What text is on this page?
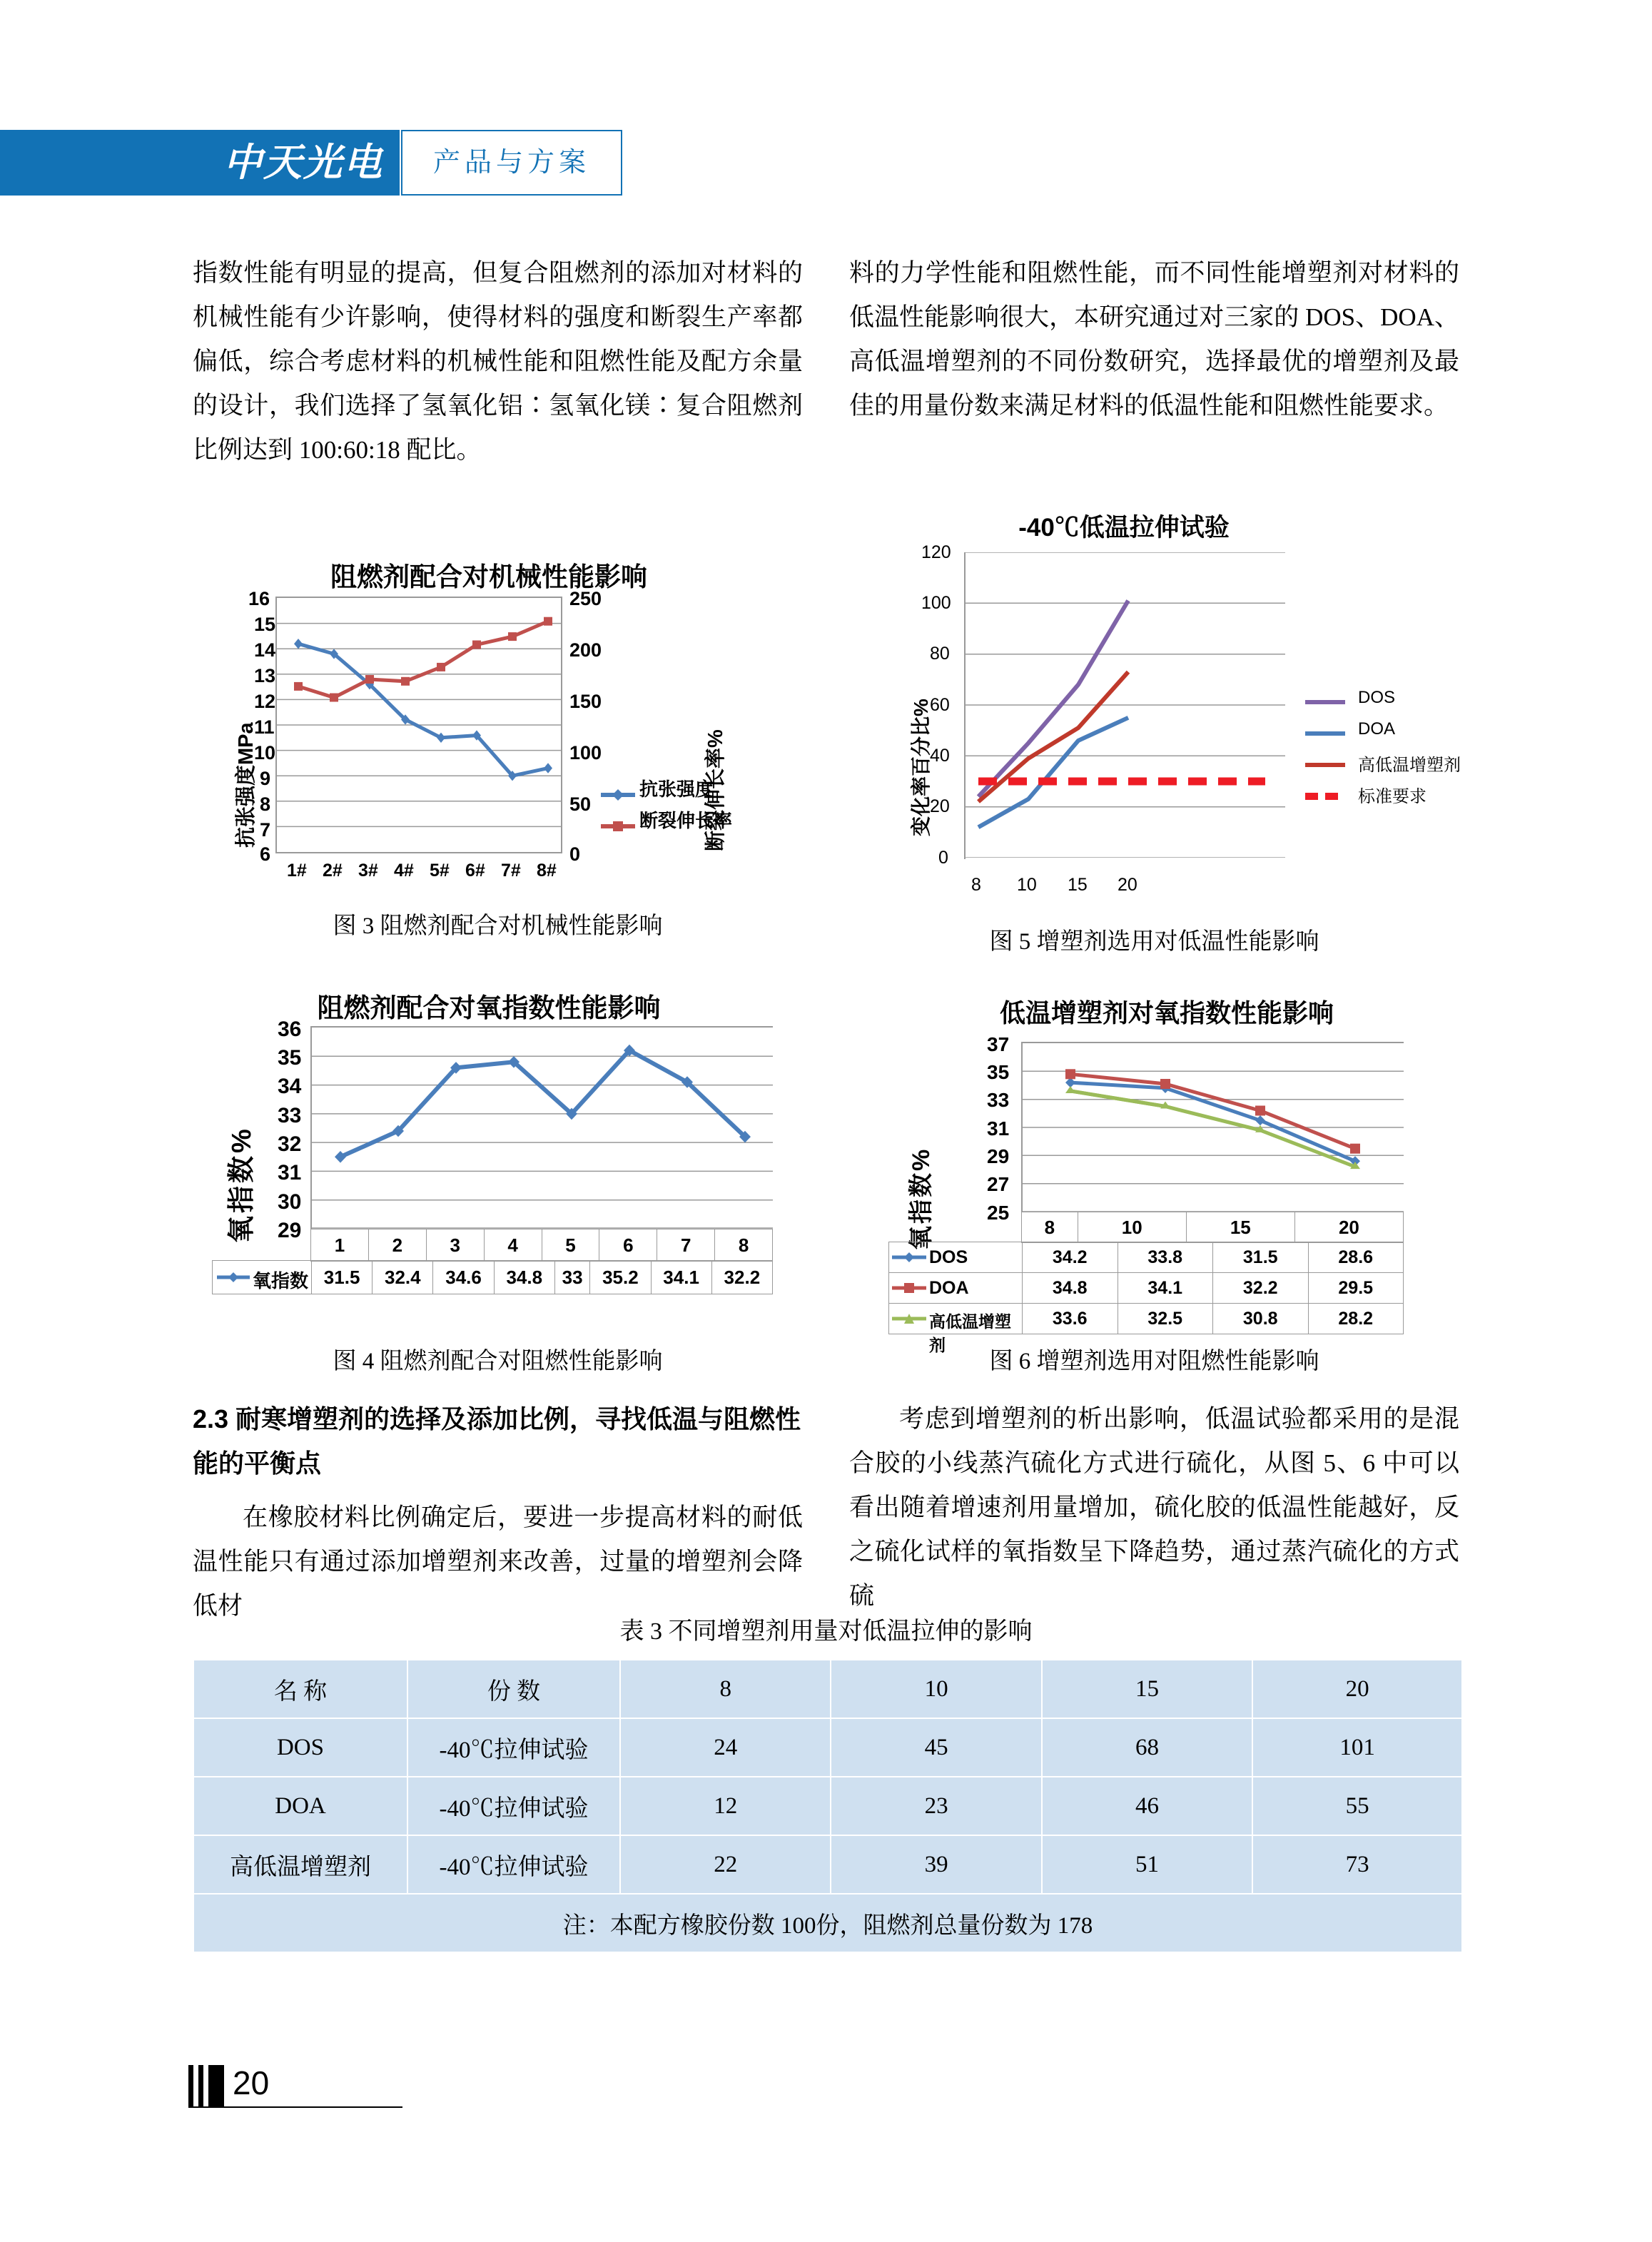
中天光电	产品与方案

指数性能有明显的提高，但复合阻燃剂的添加对材料的机械性能有少许影响，使得材料的强度和断裂生产率都偏低，综合考虑材料的机械性能和阻燃性能及配方余量的设计，我们选择了氢氧化铝∶氢氧化镁∶复合阻燃剂比例达到 100:60:18 配比。

阻燃剂配合对机械性能影响
抗张强度MPa	断裂伸长率%
16
15
14
13
12
11
10
9
8
7
6
250
200
150
100
50
0
1# 2# 3# 4# 5# 6# 7# 8#
抗张强度
断裂伸长率
图 3 阻燃剂配合对机械性能影响
阻燃剂配合对氧指数性能影响
氧指数%
36
35
34
33
32
31
30
29
	1	2	3	4	5	6	7	8
氧指数	31.5	32.4	34.6	34.8	33	35.2	34.1	32.2
图 4 阻燃剂配合对阻燃性能影响
2.3 耐寒增塑剂的选择及添加比例，寻找低温与阻燃性能的平衡点

在橡胶材料比例确定后，要进一步提高材料的耐低温性能只有通过添加增塑剂来改善，过量的增塑剂会降低材

料的力学性能和阻燃性能，而不同性能增塑剂对材料的低温性能影响很大，本研究通过对三家的 DOS、DOA、高低温增塑剂的不同份数研究，选择最优的增塑剂及最佳的用量份数来满足材料的低温性能和阻燃性能要求。

-40℃低温拉伸试验
变化率百分比%
120
100
80
60
40
20
0
8 10 15 20
DOS
DOA
高低温增塑剂
标准要求
图 5 增塑剂选用对低温性能影响
低温增塑剂对氧指数性能影响
氧指数%
37
35
33
31
29
27
25
8	10	15	20
DOS	34.2	33.8	31.5	28.6

DOA	34.8	34.1	32.2	29.5

高低温增塑剂	33.6	32.5	30.8	28.2
图 6 增塑剂选用对阻燃性能影响

考虑到增塑剂的析出影响，低温试验都采用的是混合胶的小线蒸汽硫化方式进行硫化，从图 5、6 中可以看出随着增速剂用量增加，硫化胶的低温性能越好，反之硫化试样的氧指数呈下降趋势，通过蒸汽硫化的方式硫

表 3 不同增塑剂用量对低温拉伸的影响
名 称	份 数	8	10	15	20
DOS	-40℃拉伸试验	24	45	68	101
DOA	-40℃拉伸试验	12	23	46	55
高低温增塑剂	-40℃拉伸试验	22	39	51	73
注：本配方橡胶份数 100份，阻燃剂总量份数为 178					
20
